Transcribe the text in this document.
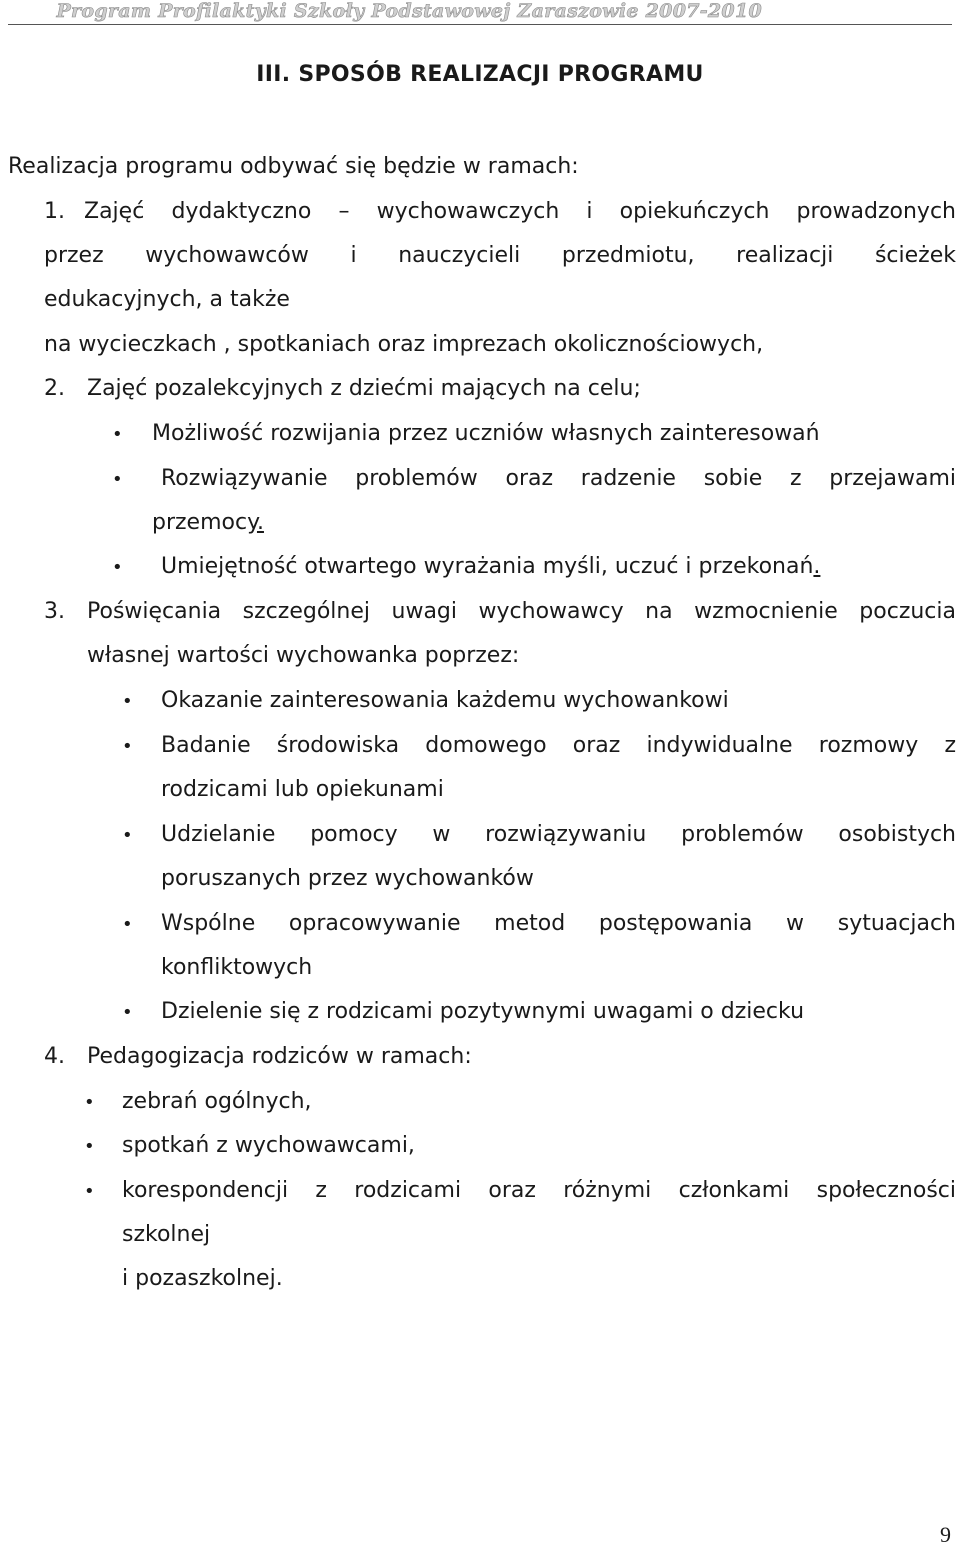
Program Profilaktyki Szkoły Podstawowej Zaraszowie 2007-2010
III. SPOSÓB REALIZACJI PROGRAMU
Realizacja programu odbywać się będzie w ramach:
1. Zajęć dydaktyczno – wychowawczych i opiekuńczych prowadzonych
przez wychowawców i nauczycieli przedmiotu, realizacji ścieżek
edukacyjnych, a także
na wycieczkach , spotkaniach oraz imprezach okolicznościowych,
2. Zajęć pozalekcyjnych z dziećmi mających na celu;
• Możliwość rozwijania przez uczniów własnych zainteresowań
• Rozwiązywanie problemów oraz radzenie sobie z przejawami
przemocy.
• Umiejętność otwartego wyrażania myśli, uczuć i przekonań.
3. Poświęcania szczególnej uwagi wychowawcy na wzmocnienie poczucia
własnej wartości wychowanka poprzez:
• Okazanie zainteresowania każdemu wychowankowi
• Badanie środowiska domowego oraz indywidualne rozmowy z
rodzicami lub opiekunami
• Udzielanie pomocy w rozwiązywaniu problemów osobistych
poruszanych przez wychowanków
• Wspólne opracowywanie metod postępowania w sytuacjach
konfliktowych
• Dzielenie się z rodzicami pozytywnymi uwagami o dziecku
4. Pedagogizacja rodziców w ramach:
• zebrań ogólnych,
• spotkań z wychowawcami,
• korespondencji z rodzicami oraz różnymi członkami społeczności
szkolnej
i pozaszkolnej.
9
